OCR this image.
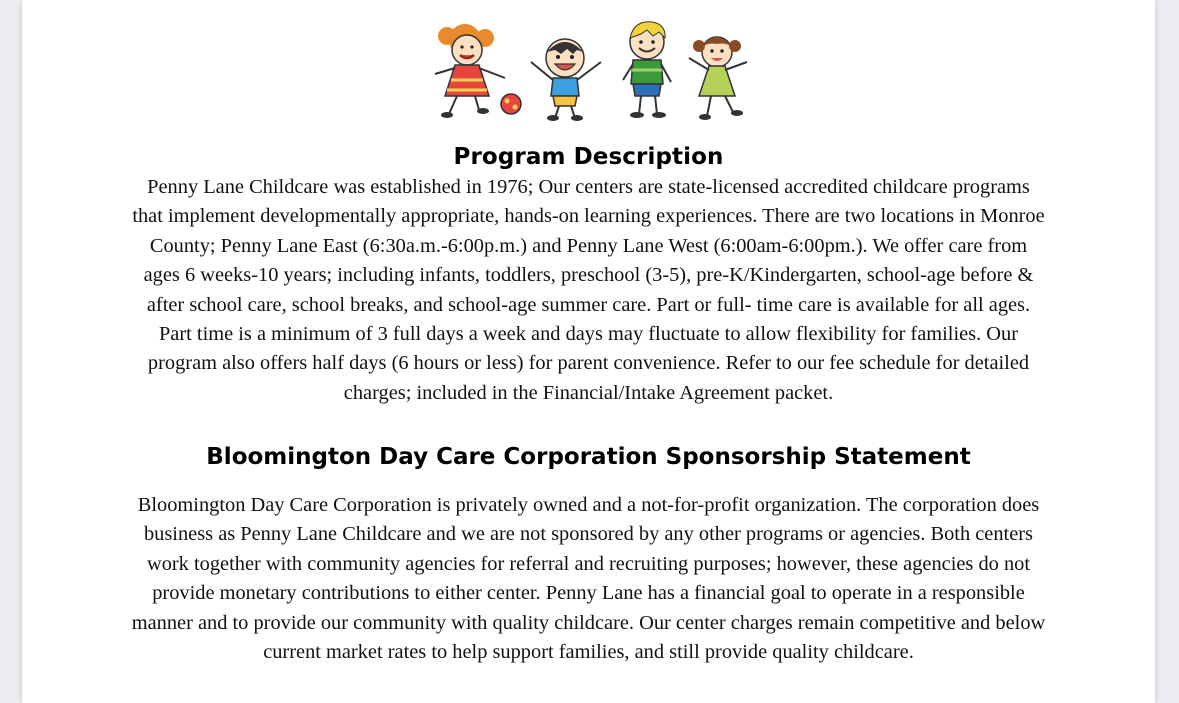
Program Description
Penny Lane Childcare was established in 1976; Our centers are state-licensed accredited childcare programs
that implement developmentally appropriate, hands-on learning experiences. There are two locations in Monroe
County; Penny Lane East (6:30a.m.-6:00p.m.) and Penny Lane West (6:00am-6:00pm.). We offer care from
ages 6 weeks-10 years; including infants, toddlers, preschool (3-5), pre-K/Kindergarten, school-age before &
after school care, school breaks, and school-age summer care. Part or full- time care is available for all ages.
Part time is a minimum of 3 full days a week and days may fluctuate to allow flexibility for families. Our
program also offers half days (6 hours or less) for parent convenience. Refer to our fee schedule for detailed
charges; included in the Financial/Intake Agreement packet.
Bloomington Day Care Corporation Sponsorship Statement
Bloomington Day Care Corporation is privately owned and a not-for-profit organization. The corporation does
business as Penny Lane Childcare and we are not sponsored by any other programs or agencies. Both centers
work together with community agencies for referral and recruiting purposes; however, these agencies do not
provide monetary contributions to either center. Penny Lane has a financial goal to operate in a responsible
manner and to provide our community with quality childcare. Our center charges remain competitive and below
current market rates to help support families, and still provide quality childcare.
